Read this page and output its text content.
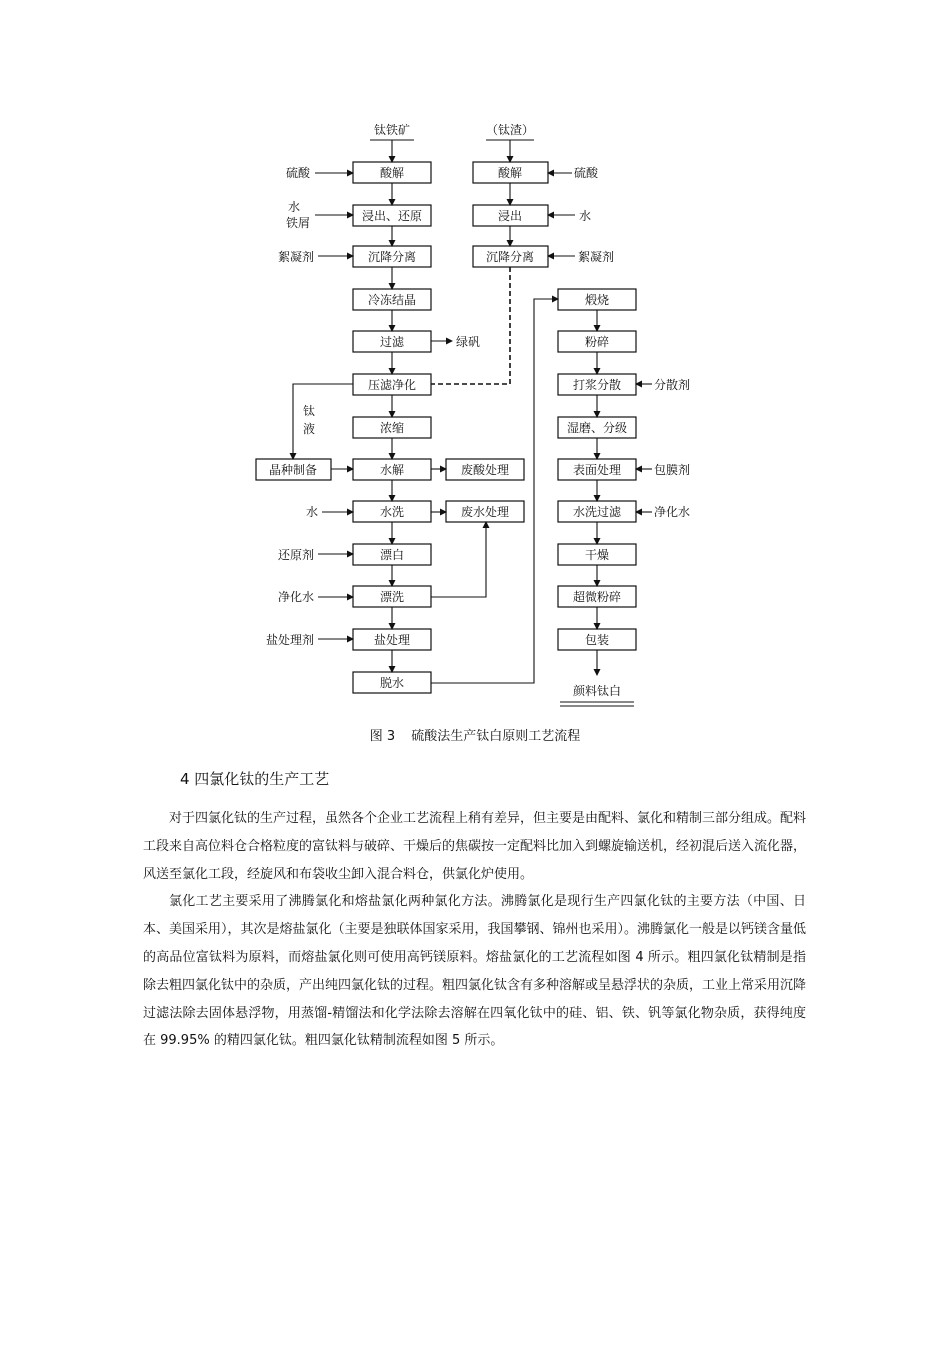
钛铁矿
酸解
浸出、还原
沉降分离
冷冻结晶
过滤
压滤净化
浓缩
水解
水洗
漂白
漂洗
盐处理
脱水
晶种制备	废酸处理
废水处理
钛
液
水
（钛渣）
酸解
浸出
沉降分离
煅烧
粉碎
打浆分散
湿磨、分级
表面处理
水洗过滤
干燥
超微粉碎
包装
颜料钛白
硫酸
铁屑
絮凝剂
水
还原剂
净化水
盐处理剂
绿矾
硫酸
水
絮凝剂
分散剂
包膜剂
净化水
图 3 硫酸法生产钛白原则工艺流程
4 四氯化钛的生产工艺

对于四氯化钛的生产过程，虽然各个企业工艺流程上稍有差异，但主要是由配料、氯化和精制三部分组成。配料工段来自高位料仓合格粒度的富钛料与破碎、干燥后的焦碳按一定配料比加入到螺旋输送机，经初混后送入流化器，风送至氯化工段，经旋风和布袋收尘卸入混合料仓，供氯化炉使用。

氯化工艺主要采用了沸腾氯化和熔盐氯化两种氯化方法。沸腾氯化是现行生产四氯化钛的主要方法（中国、日本、美国采用），其次是熔盐氯化（主要是独联体国家采用，我国攀钢、锦州也采用）。沸腾氯化一般是以钙镁含量低的高品位富钛料为原料，而熔盐氯化则可使用高钙镁原料。熔盐氯化的工艺流程如图 4 所示。粗四氯化钛精制是指除去粗四氯化钛中的杂质，产出纯四氯化钛的过程。粗四氯化钛含有多种溶解或呈悬浮状的杂质，工业上常采用沉降过滤法除去固体悬浮物，用蒸馏-精馏法和化学法除去溶解在四氧化钛中的硅、铝、铁、钒等氯化物杂质，获得纯度在 99.95% 的精四氯化钛。粗四氯化钛精制流程如图 5 所示。
